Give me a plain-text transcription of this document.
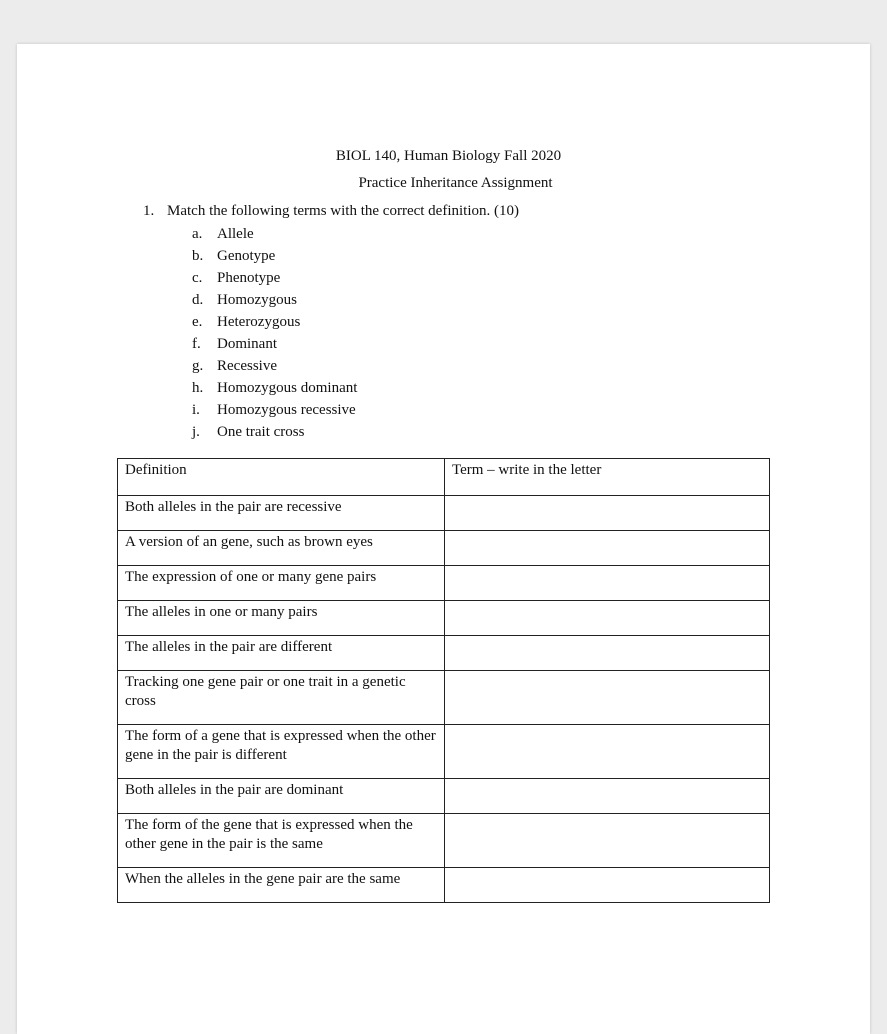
BIOL 140, Human Biology Fall 2020
Practice Inheritance Assignment
1. Match the following terms with the correct definition. (10)
a. Allele
b. Genotype
c. Phenotype
d. Homozygous
e. Heterozygous
f. Dominant
g. Recessive
h. Homozygous dominant
i. Homozygous recessive
j. One trait cross
Definition	Term – write in the letter
Both alleles in the pair are recessive	
A version of an gene, such as brown eyes	
The expression of one or many gene pairs	
The alleles in one or many pairs	
The alleles in the pair are different	
Tracking one gene pair or one trait in a genetic cross	
The form of a gene that is expressed when the other gene in the pair is different	
Both alleles in the pair are dominant	
The form of the gene that is expressed when the other gene in the pair is the same	
When the alleles in the gene pair are the same	
